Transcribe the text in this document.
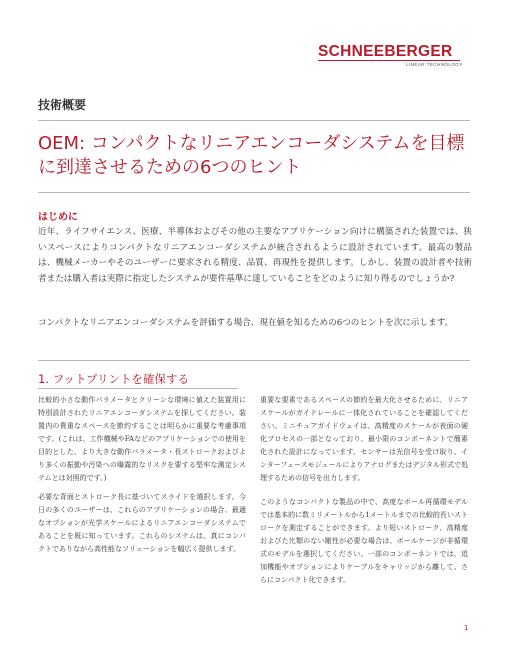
SCHNEEBERGER
LINEAR TECHNOLOGY
技術概要
OEM: コンパクトなリニアエンコーダシステムを目標に到達させるための6つのヒント
はじめに

近年、ライフサイエンス、医療、半導体およびその他の主要なアプリケーション向けに構築された装置では、狭いスペースによりコンパクトなリニアエンコーダシステムが統合されるように設計されています。最高の製品は、機械メーカーやそのユーザーに要求される精度、品質、再現性を提供します。しかし、装置の設計者や技術者または購入者は実際に指定したシステムが要件基準に達していることをどのように知り得るのでしょうか?

コンパクトなリニアエンコーダシステムを評価する場合、現在値を知るための6つのヒントを次に示します。

1. フットプリントを確保する

比較的小さな動作パラメータとクリーンな環境に値えた装置用に特別設計されたリニアエンコーダシステムを探してください。装置内の貴重なスペースを節約することは明らかに重要な考慮事項です。(これは、工作機械やFAなどのアプリケーションでの使用を目的とした、より大きな動作パラメータ・長ストロークおよびより多くの振動や汚染への曝露的なリスクを要する堅牢な測定システムとは対照的です。)

必要な背面とストローク長に基づいてスライドを選択します。今日の多くのユーザーは、これらのアプリケーションの場合、最適なオプションが光学スケールによるリニアエンコーダシステムであることを既に知っています。これらのシステムは、真にコンパクトでありながら高性能なソリューションを幅広く提供します。

重要な要素であるスペースの節約を最大化させるために、リニアスケールがガイドレールに一体化されていることを確認してください。ミニチュアガイドウェイは、高精度のスケールが表面の硬化プロセスの一部となっており、最小限のコンポーネントで簡素化された設計になっています。センサーは光信号を受け取り、インターフェースモジュールによりアナログまたはデジタル形式で処理するための信号を出力します。

このようなコンパクトな製品の中で、高度なボール再循環モデルでは基本的に数ミリメートルから1メートルまでの比較的長いストロークを測定することができます。より短いストローク、高精度およびた比類のない剛性が必要な場合は、ボールケージが非循環式のモデルを選択してください。一部のコンポーネントでは、追加機能やオプションによりケーブルをキャリッジから離して、さらにコンパクト化できます。

1
